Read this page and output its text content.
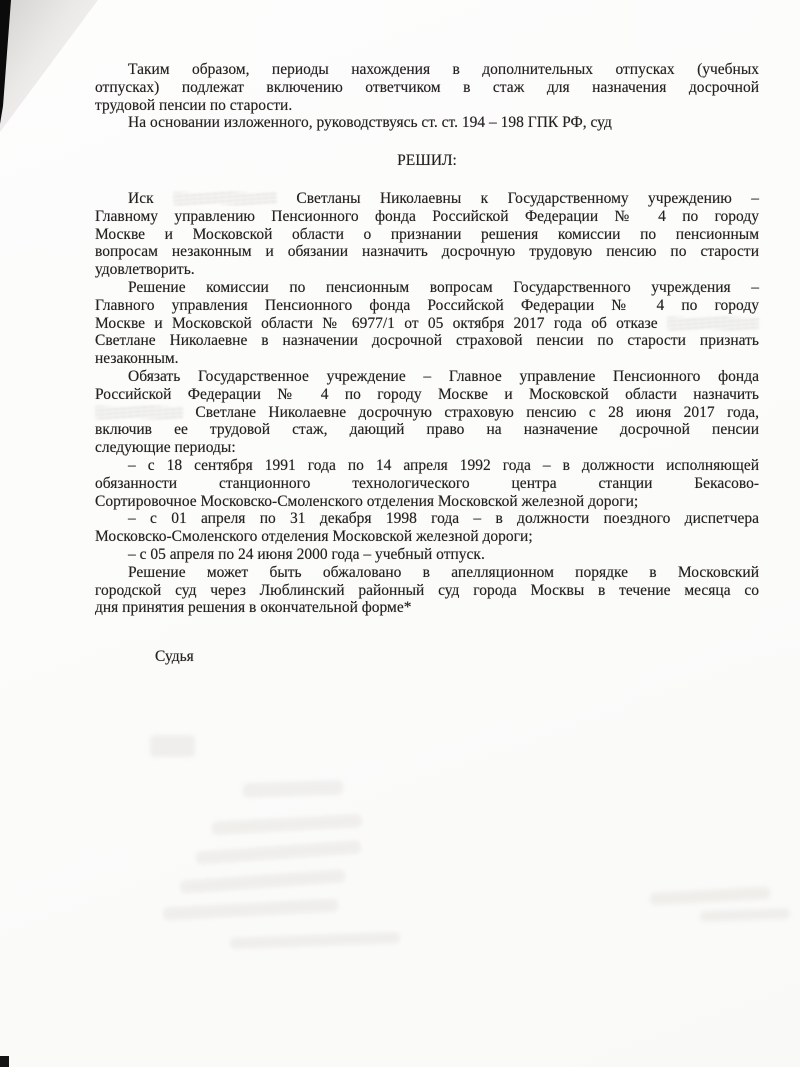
Таким образом, периоды нахождения в дополнительных отпусках (учебных
отпусках) подлежат включению ответчиком в стаж для назначения досрочной
трудовой пенсии по старости.
На основании изложенного, руководствуясь ст. ст. 194 – 198 ГПК РФ, суд
РЕШИЛ:
Иск	Светланы Николаевны к Государственному учреждению –
Главному управлению Пенсионного фонда Российской Федерации № 4 по городу
Москве и Московской области о признании решения комиссии по пенсионным
вопросам незаконным и обязании назначить досрочную трудовую пенсию по старости
удовлетворить.
Решение комиссии по пенсионным вопросам Государственного учреждения –
Главного управления Пенсионного фонда Российской Федерации № 4 по городу
Москве и Московской области № 6977/1 от 05 октября 2017 года об отказе
Светлане Николаевне в назначении досрочной страховой пенсии по старости признать
незаконным.
Обязать Государственное учреждение – Главное управление Пенсионного фонда
Российской Федерации № 4 по городу Москве и Московской области назначить
Светлане Николаевне досрочную страховую пенсию с 28 июня 2017 года,
включив ее трудовой стаж, дающий право на назначение досрочной пенсии
следующие периоды:
– с 18 сентября 1991 года по 14 апреля 1992 года – в должности исполняющей
обязанности станционного технологического центра станции Бекасово-
Сортировочное Московско-Смоленского отделения Московской железной дороги;
– с 01 апреля по 31 декабря 1998 года – в должности поездного диспетчера
Московско-Смоленского отделения Московской железной дороги;
– с 05 апреля по 24 июня 2000 года – учебный отпуск.
Решение может быть обжаловано в апелляционном порядке в Московский
городской суд через Люблинский районный суд города Москвы в течение месяца со
дня принятия решения в окончательной форме*
Судья
